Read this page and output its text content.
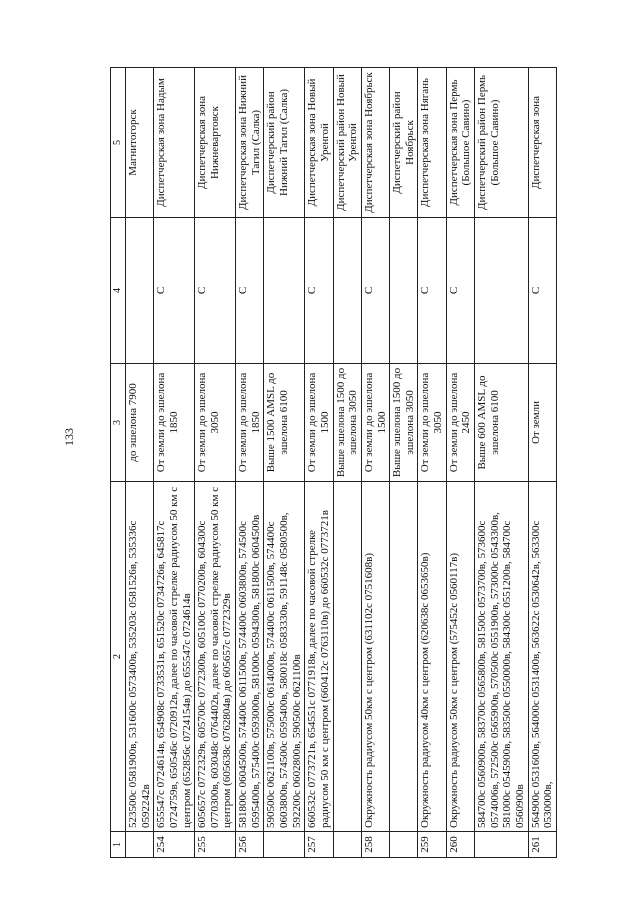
133
1	2	3	4	5
	523500с 0581900в, 531600с 0573400в, 535203с 0581526в, 535336с 0592242в	до эшелона 7900		Магнитогорск
254	655547с 0724614в, 654908с 0733531в, 651520с 0734726в, 645817с 0724759в, 650546с 0720912в, далее по часовой стрелке радиусом 50 км с центром (652856с 0724154в) до 655547с 0724614в	От земли до эшелона 1850	C	Диспетчерская зона Надым
255	605657с 0772329в, 605700с 0772300в, 605100с 0770200в, 604300с 0770300в, 603048с 0764402в, далее по часовой стрелке радиусом 50 км с центром (605638с 0762804в) до 605657с 0772329в	От земли до эшелона 3050	C	Диспетчерская зона Нижневартовск
256	581800с 0604500в, 574400с 0611500в, 574400с 0603800в, 574500с 0595400в, 575400с 0593000в, 581000с 0594300в, 581800с 0604500в	От земли до эшелона 1850	C	Диспетчерская зона Нижний Тагил (Салка)
	590500с 0621100в, 575000с 0614000в, 574400с 0611500в, 574400с 0603800в, 574500с 0595400в, 580018с 0583330в, 591148с 0580500в, 592200с 0602800в, 590500с 0621100в	Выше 1500 AMSL до эшелона 6100		Диспетчерский район Нижний Тагил (Салка)
257	660532с 0773721в, 654551с 0771918в, далее по часовой стрелке радиусом 50 км с центром (660412с 0763110в) до 660532с 0773721в	От земли до эшелона 1500	C	Диспетчерская зона Новый Уренгой
		Выше эшелона 1500 до эшелона 3050		Диспетчерский район Новый Уренгой
258	Окружность радиусом 50км с центром (631102с 0751608в)	От земли до эшелона 1500	C	Диспетчерская зона Ноябрьск
		Выше эшелона 1500 до эшелона 3050		Диспетчерский район Ноябрьск
259	Окружность радиусом 40км с центром (620638с 0653650в)	От земли до эшелона 3050	C	Диспетчерская зона Нягань
260	Окружность радиусом 50км с центром (575452с 0560117в)	От земли до эшелона 2450	C	Диспетчерская зона Пермь (Большое Савино)
	584700с 0560900в, 583700с 0565800в, 581500с 0573700в, 573600с 0574006в, 572500с 0565900в, 570500с 0551900в, 573000с 0543300в, 581000с 0545900в, 583500с 0550000в, 584300с 0551200в, 584700с 0560900в	Выше 600 AMSL до эшелона 6100		Диспетчерский район Пермь (Большое Савино)
261	564900с 0531600в, 564000с 0531400в, 563622с 0530642в, 563300с 0530000в,	От земли	C	Диспетчерская зона
